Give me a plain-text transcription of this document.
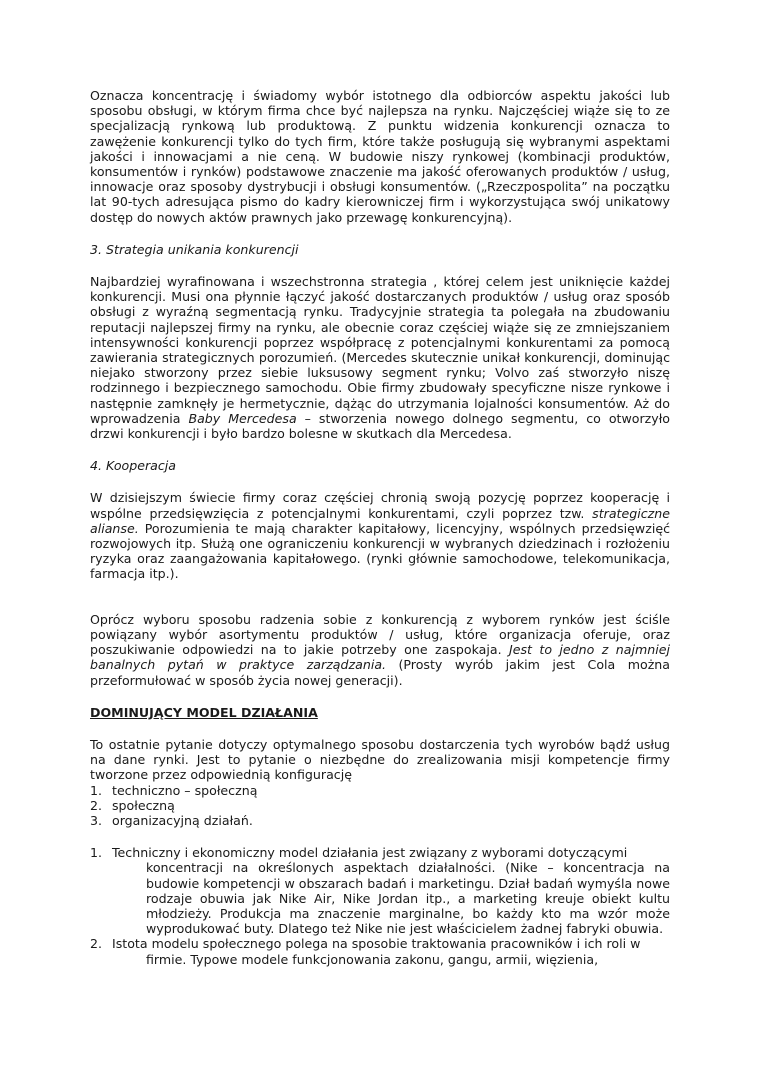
Oznacza koncentrację i świadomy wybór istotnego dla odbiorców aspektu jakości lub sposobu obsługi, w którym firma chce być najlepsza na rynku. Najczęściej wiąże się to ze specjalizacją rynkową lub produktową. Z punktu widzenia konkurencji oznacza to zawężenie konkurencji tylko do tych firm, które także posługują się wybranymi aspektami jakości i innowacjami a nie ceną. W budowie niszy rynkowej (kombinacji produktów, konsumentów i rynków) podstawowe znaczenie ma jakość oferowanych produktów / usług, innowacje oraz sposoby dystrybucji i obsługi konsumentów. („Rzeczpospolita” na początku lat 90-tych adresująca pismo do kadry kierowniczej firm i wykorzystująca swój unikatowy dostęp do nowych aktów prawnych jako przewagę konkurencyjną).

3. Strategia unikania konkurencji

Najbardziej wyrafinowana i wszechstronna strategia , której celem jest uniknięcie każdej konkurencji. Musi ona płynnie łączyć jakość dostarczanych produktów / usług oraz sposób obsługi z wyraźną segmentacją rynku. Tradycyjnie strategia ta polegała na zbudowaniu reputacji najlepszej firmy na rynku, ale obecnie coraz częściej wiąże się ze zmniejszaniem intensywności konkurencji poprzez współpracę z potencjalnymi konkurentami za pomocą zawierania strategicznych porozumień. (Mercedes skutecznie unikał konkurencji, dominując niejako stworzony przez siebie luksusowy segment rynku; Volvo zaś stworzyło niszę rodzinnego i bezpiecznego samochodu. Obie firmy zbudowały specyficzne nisze rynkowe i następnie zamknęły je hermetycznie, dążąc do utrzymania lojalności konsumentów. Aż do wprowadzenia Baby Mercedesa – stworzenia nowego dolnego segmentu, co otworzyło drzwi konkurencji i było bardzo bolesne w skutkach dla Mercedesa.

4. Kooperacja

W dzisiejszym świecie firmy coraz częściej chronią swoją pozycję poprzez kooperację i wspólne przedsięwzięcia z potencjalnymi konkurentami, czyli poprzez tzw. strategiczne alianse. Porozumienia te mają charakter kapitałowy, licencyjny, wspólnych przedsięwzięć rozwojowych itp. Służą one ograniczeniu konkurencji w wybranych dziedzinach i rozłożeniu ryzyka oraz zaangażowania kapitałowego. (rynki głównie samochodowe, telekomunikacja, farmacja itp.).

Oprócz wyboru sposobu radzenia sobie z konkurencją z wyborem rynków jest ściśle powiązany wybór asortymentu produktów / usług, które organizacja oferuje, oraz poszukiwanie odpowiedzi na to jakie potrzeby one zaspokaja. Jest to jedno z najmniej banalnych pytań w praktyce zarządzania. (Prosty wyrób jakim jest Cola można przeformułować w sposób życia nowej generacji).

DOMINUJĄCY MODEL DZIAŁANIA

To ostatnie pytanie dotyczy optymalnego sposobu dostarczenia tych wyrobów bądź usług na dane rynki. Jest to pytanie o niezbędne do zrealizowania misji kompetencje firmy tworzone przez odpowiednią konfigurację

1. techniczno – społeczną
2. społeczną
3. organizacyjną działań.
1. Techniczny i ekonomiczny model działania jest związany z wyborami dotyczącymi
koncentracji na określonych aspektach działalności. (Nike – koncentracja na budowie kompetencji w obszarach badań i marketingu. Dział badań wymyśla nowe rodzaje obuwia jak Nike Air, Nike Jordan itp., a marketing kreuje obiekt kultu młodzieży. Produkcja ma znaczenie marginalne, bo każdy kto ma wzór może wyprodukować buty. Dlatego też Nike nie jest właścicielem żadnej fabryki obuwia.
2. Istota modelu społecznego polega na sposobie traktowania pracowników i ich roli w
firmie. Typowe modele funkcjonowania zakonu, gangu, armii, więzienia,
